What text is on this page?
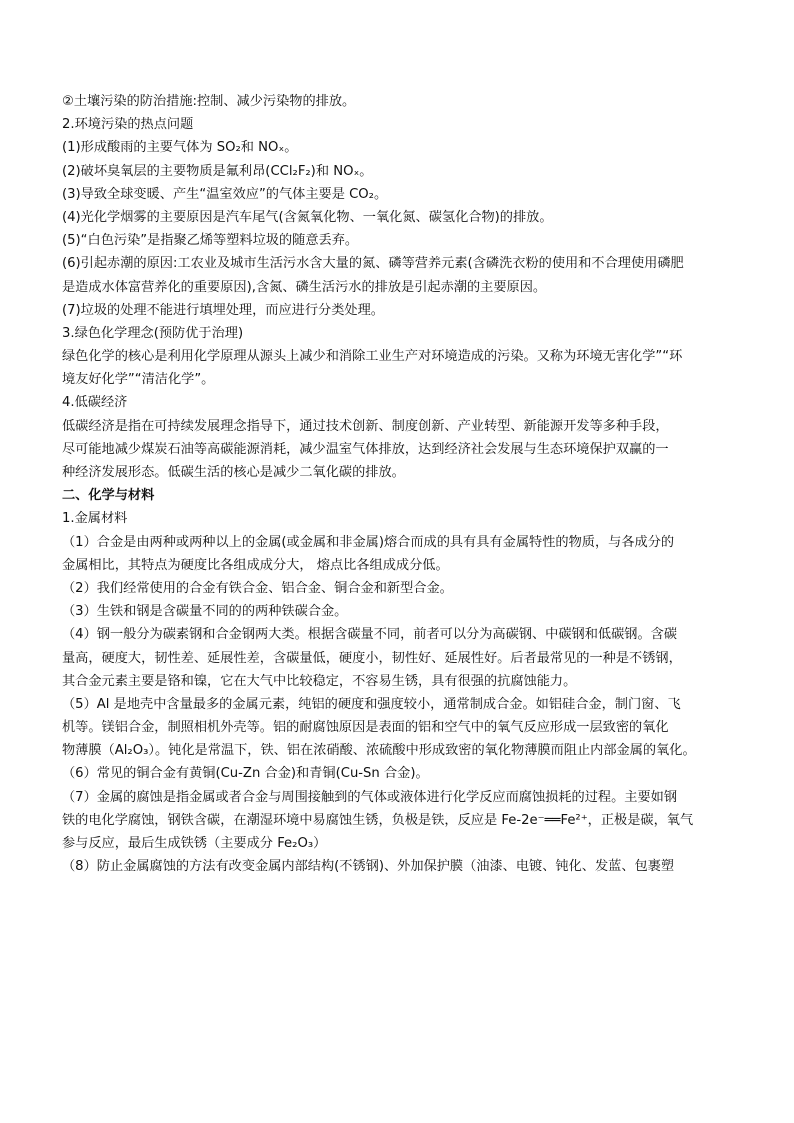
②土壤污染的防治措施:控制、减少污染物的排放。
2.环境污染的热点问题
(1)形成酸雨的主要气体为 SO₂和 NOₓ。
(2)破坏臭氧层的主要物质是氟利昂(CCl₂F₂)和 NOₓ。
(3)导致全球变暖、产生“温室效应”的气体主要是 CO₂。
(4)光化学烟雾的主要原因是汽车尾气(含氮氧化物、一氧化氮、碳氢化合物)的排放。
(5)“白色污染”是指聚乙烯等塑料垃圾的随意丢弃。
(6)引起赤潮的原因:工农业及城市生活污水含大量的氮、磷等营养元素(含磷洗衣粉的使用和不合理使用磷肥
是造成水体富营养化的重要原因),含氮、磷生活污水的排放是引起赤潮的主要原因。
(7)垃圾的处理不能进行填埋处理，而应进行分类处理。
3.绿色化学理念(预防优于治理)
绿色化学的核心是利用化学原理从源头上减少和消除工业生产对环境造成的污染。又称为环境无害化学”“环
境友好化学”“清洁化学”。
4.低碳经济
低碳经济是指在可持续发展理念指导下，通过技术创新、制度创新、产业转型、新能源开发等多种手段，
尽可能地减少煤炭石油等高碳能源消耗，减少温室气体排放，达到经济社会发展与生态环境保护双赢的一
种经济发展形态。低碳生活的核心是减少二氧化碳的排放。
二、化学与材料
1.金属材料
（1）合金是由两种或两种以上的金属(或金属和非金属)熔合而成的具有具有金属特性的物质，与各成分的
金属相比，其特点为硬度比各组成成分大， 熔点比各组成成分低。
（2）我们经常使用的合金有铁合金、铝合金、铜合金和新型合金。
（3）生铁和钢是含碳量不同的的两种铁碳合金。
（4）钢一般分为碳素钢和合金钢两大类。根据含碳量不同，前者可以分为高碳钢、中碳钢和低碳钢。含碳
量高，硬度大，韧性差、延展性差，含碳量低，硬度小，韧性好、延展性好。后者最常见的一种是不锈钢，
其合金元素主要是铬和镍，它在大气中比较稳定，不容易生锈，具有很强的抗腐蚀能力。
（5）Al 是地壳中含量最多的金属元素，纯铝的硬度和强度较小，通常制成合金。如铝硅合金，制门窗、飞
机等。镁铝合金，制照相机外壳等。铝的耐腐蚀原因是表面的铝和空气中的氧气反应形成一层致密的氧化
物薄膜（Al₂O₃）。钝化是常温下，铁、铝在浓硝酸、浓硫酸中形成致密的氧化物薄膜而阻止内部金属的氧化。
（6）常见的铜合金有黄铜(Cu-Zn 合金)和青铜(Cu-Sn 合金)。
（7）金属的腐蚀是指金属或者合金与周围接触到的气体或液体进行化学反应而腐蚀损耗的过程。主要如钢
铁的电化学腐蚀，钢铁含碳，在潮湿环境中易腐蚀生锈，负极是铁，反应是 Fe-2e⁻══Fe²⁺，正极是碳，氧气
参与反应，最后生成铁锈（主要成分 Fe₂O₃）
（8）防止金属腐蚀的方法有改变金属内部结构(不锈钢)、外加保护膜（油漆、电镀、钝化、发蓝、包裹塑
